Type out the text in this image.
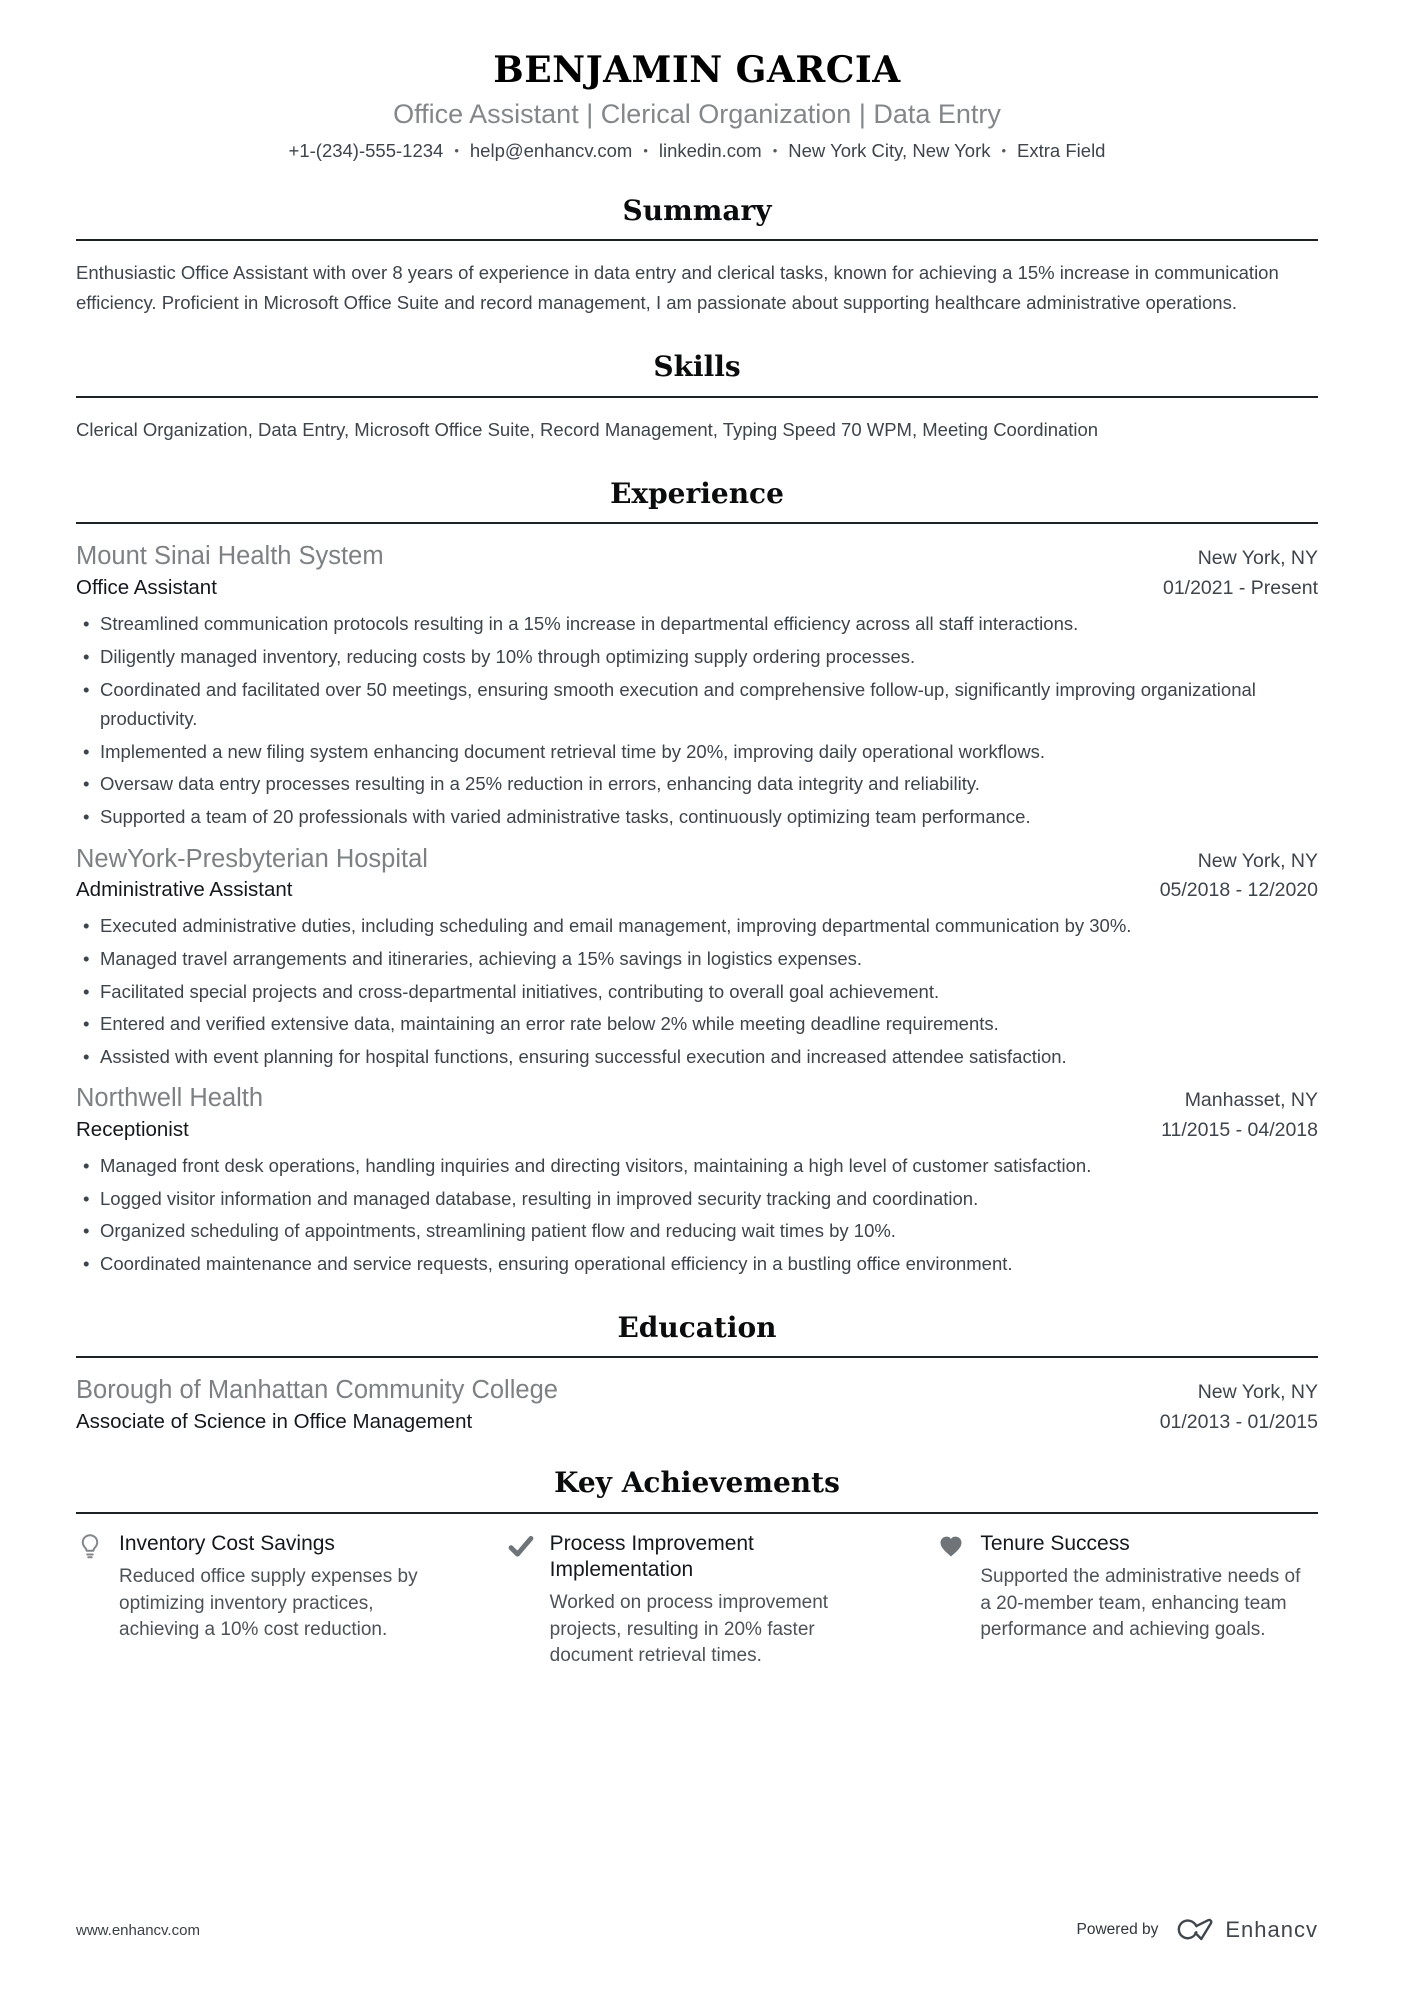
BENJAMIN GARCIA
Office Assistant | Clerical Organization | Data Entry
+1-(234)-555-1234 • help@enhancv.com • linkedin.com • New York City, New York • Extra Field
Summary

Enthusiastic Office Assistant with over 8 years of experience in data entry and clerical tasks, known for achieving a 15% increase in communication efficiency. Proficient in Microsoft Office Suite and record management, I am passionate about supporting healthcare administrative operations.

Skills

Clerical Organization, Data Entry, Microsoft Office Suite, Record Management, Typing Speed 70 WPM, Meeting Coordination

Experience
Mount Sinai Health System	New York, NY
Office Assistant	01/2021 - Present
• Streamlined communication protocols resulting in a 15% increase in departmental efficiency across all staff interactions.
• Diligently managed inventory, reducing costs by 10% through optimizing supply ordering processes.
• Coordinated and facilitated over 50 meetings, ensuring smooth execution and comprehensive follow-up, significantly improving organizational productivity.
• Implemented a new filing system enhancing document retrieval time by 20%, improving daily operational workflows.
• Oversaw data entry processes resulting in a 25% reduction in errors, enhancing data integrity and reliability.
• Supported a team of 20 professionals with varied administrative tasks, continuously optimizing team performance.
NewYork-Presbyterian Hospital	New York, NY
Administrative Assistant	05/2018 - 12/2020
• Executed administrative duties, including scheduling and email management, improving departmental communication by 30%.
• Managed travel arrangements and itineraries, achieving a 15% savings in logistics expenses.
• Facilitated special projects and cross-departmental initiatives, contributing to overall goal achievement.
• Entered and verified extensive data, maintaining an error rate below 2% while meeting deadline requirements.
• Assisted with event planning for hospital functions, ensuring successful execution and increased attendee satisfaction.
Northwell Health	Manhasset, NY
Receptionist	11/2015 - 04/2018
• Managed front desk operations, handling inquiries and directing visitors, maintaining a high level of customer satisfaction.
• Logged visitor information and managed database, resulting in improved security tracking and coordination.
• Organized scheduling of appointments, streamlining patient flow and reducing wait times by 10%.
• Coordinated maintenance and service requests, ensuring operational efficiency in a bustling office environment.
Education
Borough of Manhattan Community College	New York, NY
Associate of Science in Office Management	01/2013 - 01/2015
Key Achievements
Inventory Cost Savings

Reduced office supply expenses by optimizing inventory practices, achieving a 10% cost reduction.

Process Improvement Implementation

Worked on process improvement projects, resulting in 20% faster document retrieval times.

Tenure Success

Supported the administrative needs of a 20-member team, enhancing team performance and achieving goals.

www.enhancv.com	Powered by	Enhancv
